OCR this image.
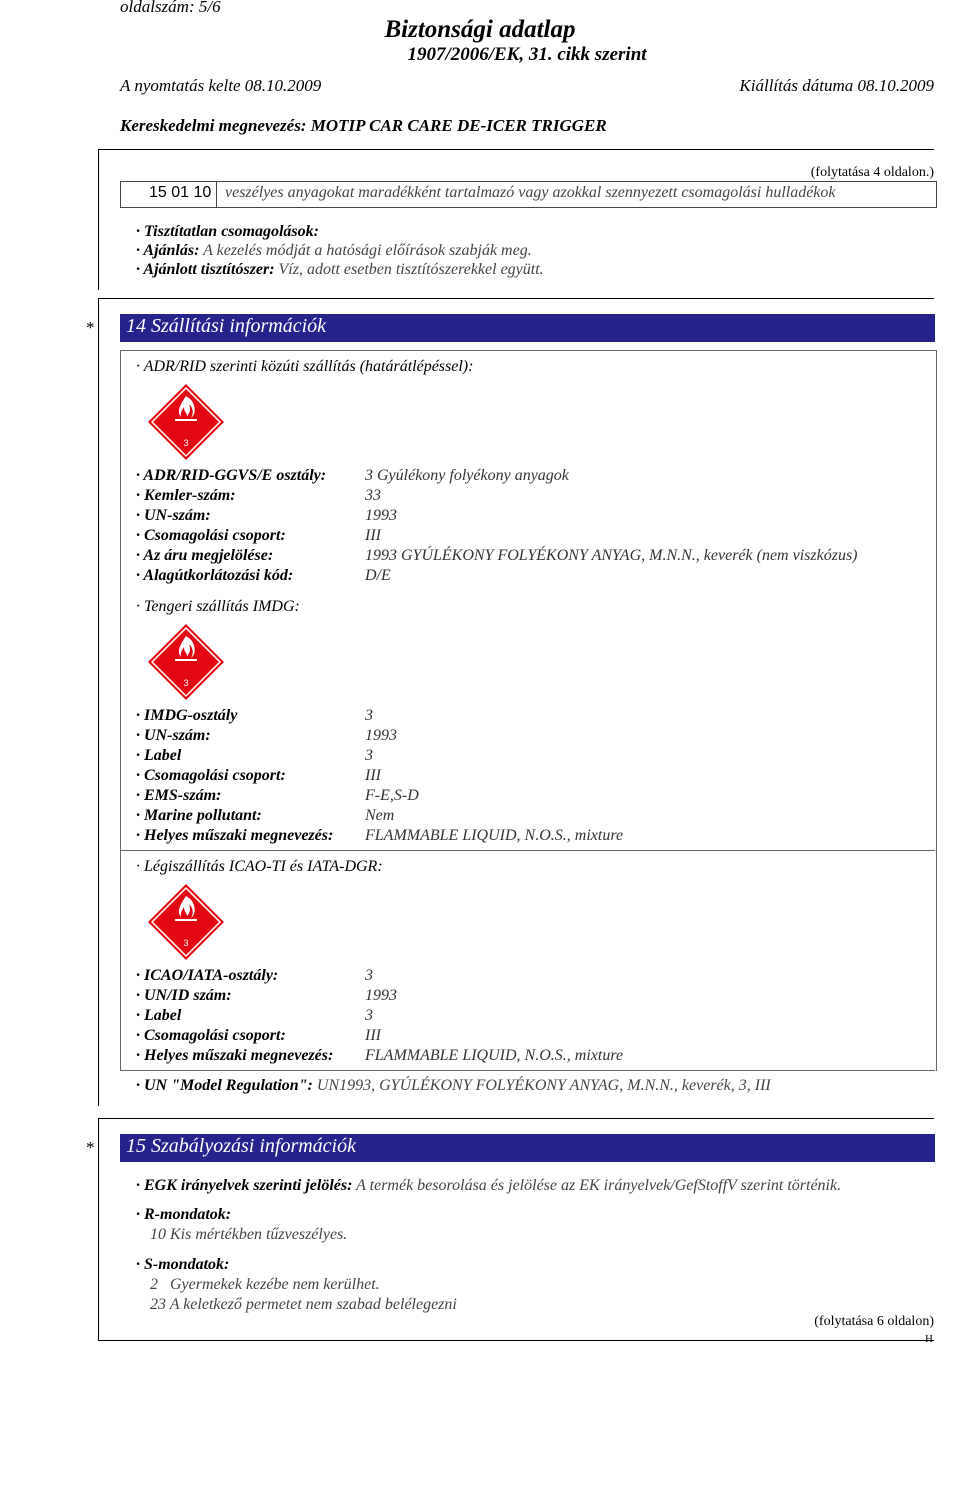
oldalszám: 5/6
Biztonsági adatlap
1907/2006/EK, 31. cikk szerint
A nyomtatás kelte 08.10.2009	Kiállítás dátuma 08.10.2009
Kereskedelmi megnevezés: MOTIP CAR CARE DE-ICER TRIGGER
(folytatása 4 oldalon.)
15 01 10 veszélyes anyagokat maradékként tartalmazó vagy azokkal szennyezett csomagolási hulladékok
· Tisztítatlan csomagolások:
· Ajánlás: A kezelés módját a hatósági előírások szabják meg.
· Ajánlott tisztítószer: Víz, adott esetben tisztítószerekkel együtt.
* 14 Szállítási információk
· ADR/RID szerinti közúti szállítás (határátlépéssel):
3
· ADR/RID-GGVS/E osztály: 3 Gyúlékony folyékony anyagok
· Kemler-szám:	33
· UN-szám:	1993
· Csomagolási csoport:	III
· Az áru megjelölése:	1993 GYÚLÉKONY FOLYÉKONY ANYAG, M.N.N., keverék (nem viszkózus)
· Alagútkorlátozási kód:	D/E
· Tengeri szállítás IMDG:
3
· IMDG-osztály	3
· UN-szám:	1993
· Label	3
· Csomagolási csoport:	III
· EMS-szám:	F-E,S-D
· Marine pollutant:	Nem
· Helyes műszaki megnevezés: FLAMMABLE LIQUID, N.O.S., mixture
· Légiszállítás ICAO-TI és IATA-DGR:
3
· ICAO/IATA-osztály:	3
· UN/ID szám:	1993
· Label	3
· Csomagolási csoport:	III
· Helyes műszaki megnevezés: FLAMMABLE LIQUID, N.O.S., mixture
· UN "Model Regulation": UN1993, GYÚLÉKONY FOLYÉKONY ANYAG, M.N.N., keverék, 3, III
* 15 Szabályozási információk
· EGK irányelvek szerinti jelölés: A termék besorolása és jelölése az EK irányelvek/GefStoffV szerint történik.
· R-mondatok:
10 Kis mértékben tűzveszélyes.
· S-mondatok:
2   Gyermekek kezébe nem kerülhet.
23 A keletkező permetet nem szabad belélegezni
(folytatása 6 oldalon)
H
